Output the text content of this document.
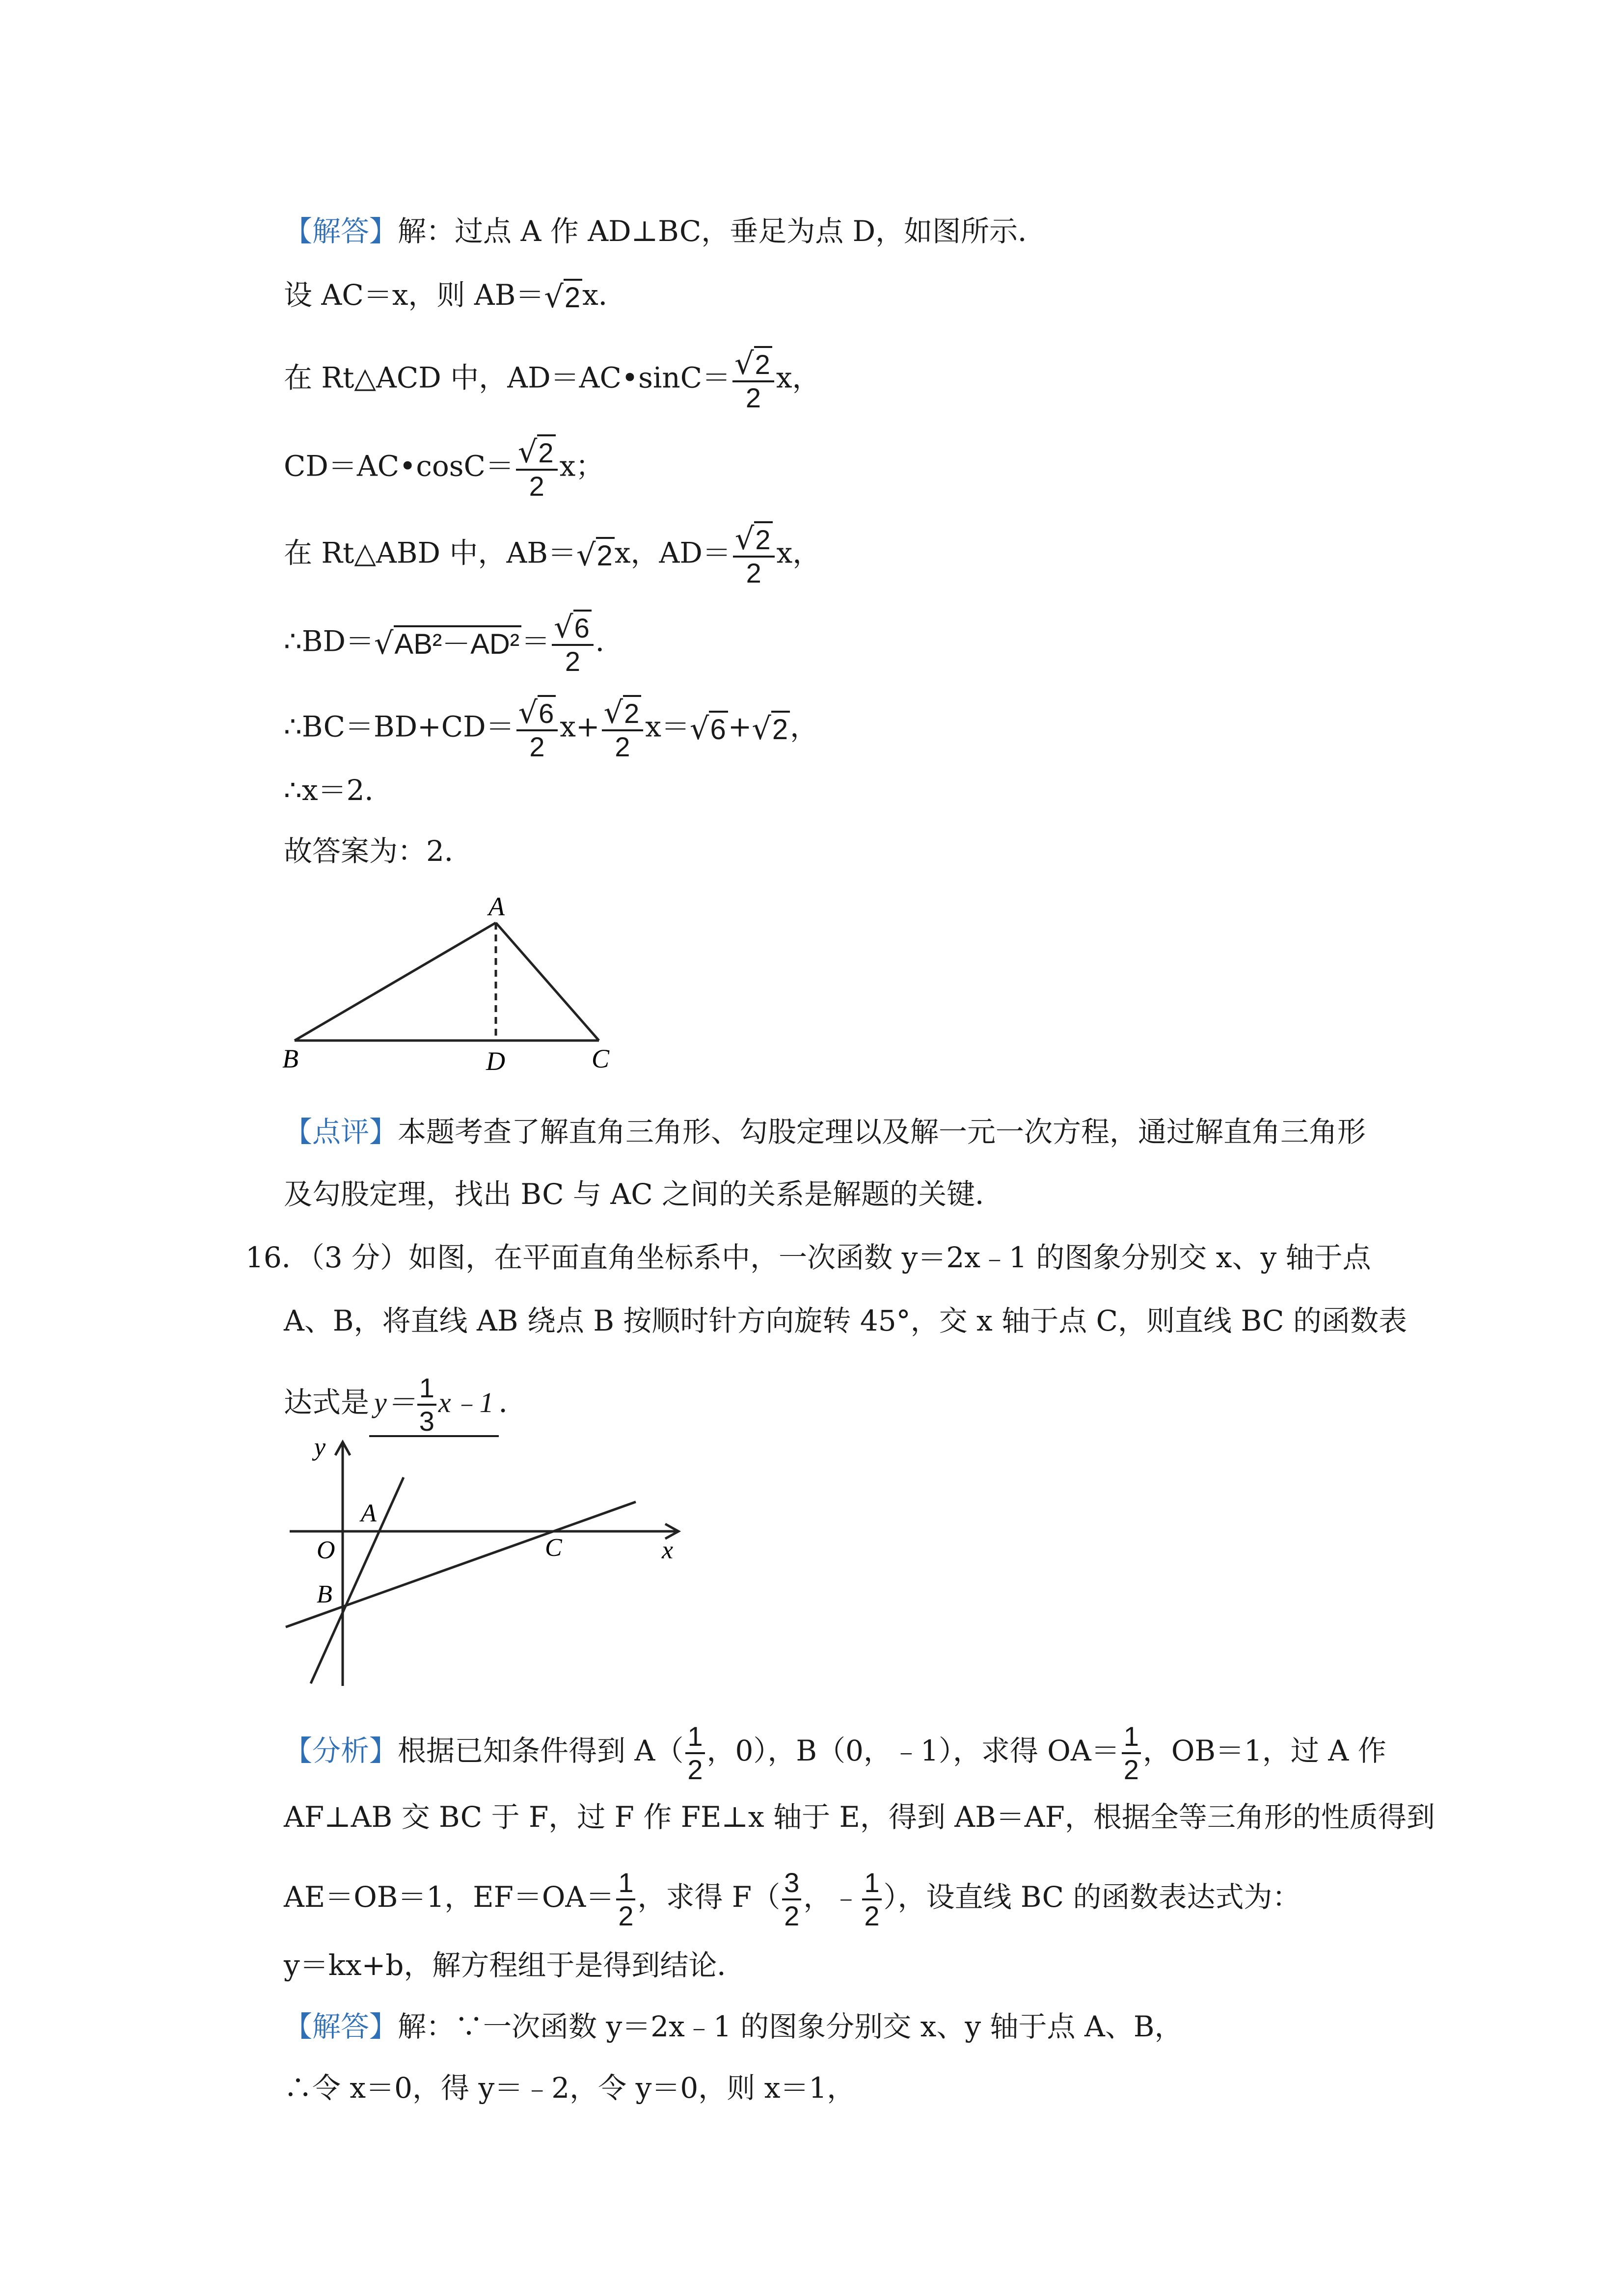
【解答】解：过点 A 作 AD⊥BC，垂足为点 D，如图所示．
设 AC＝x，则 AB＝√2x．
在 Rt△ACD 中，AD＝AC•sinC＝ $\frac{√2}{2}$ x，
CD＝AC•cosC＝ $\frac{√2}{2}$ x；
在 Rt△ABD 中，AB＝√2x，$AD= \frac{√2}{2}$ x，
∴BD＝√AB²－AD²＝ $\frac{√6}{2}$ ．
∴BC＝BD+CD＝ $\frac{√6}{2} x+ \frac{√2}{2} x=√6+√2$，
∴x＝2．
故答案为：2．
A
B	D	C
【点评】本题考查了解直角三角形、勾股定理以及解一元一次方程，通过解直角三角形
及勾股定理，找出 BC 与 AC 之间的关系是解题的关键．
16．（3 分）如图，在平面直角坐标系中，一次函数 y＝2x﹣1 的图象分别交 x、y 轴于点
A、B，将直线 AB 绕点 B 按顺时针方向旋转 45°，交 x 轴于点 C，则直线 BC 的函数表
达式是 $y= \frac{1}{3}$ x﹣1 ．
y
x
O
A
B
C
【分析】根据已知条件得到 $A( \frac{1}{2}$ ，0），B（0，﹣1），求得 $OA= \frac{1}{2}$ ，OB＝1，过 A 作
AF⊥AB 交 BC 于 F，过 F 作 FE⊥x 轴于 E，得到 AB＝AF，根据全等三角形的性质得到
AE＝OB＝1，$EF=OA= \frac{1}{2}$ ，求得 $F( \frac{3}{2}$ ，﹣ $\frac{1}{2}$ ），设直线 BC 的函数表达式为：
y＝kx+b，解方程组于是得到结论．
【解答】解：∵一次函数 y＝2x﹣1 的图象分别交 x、y 轴于点 A、B，
∴令 x＝0，得 y＝﹣2，令 y＝0，则 x＝1，
